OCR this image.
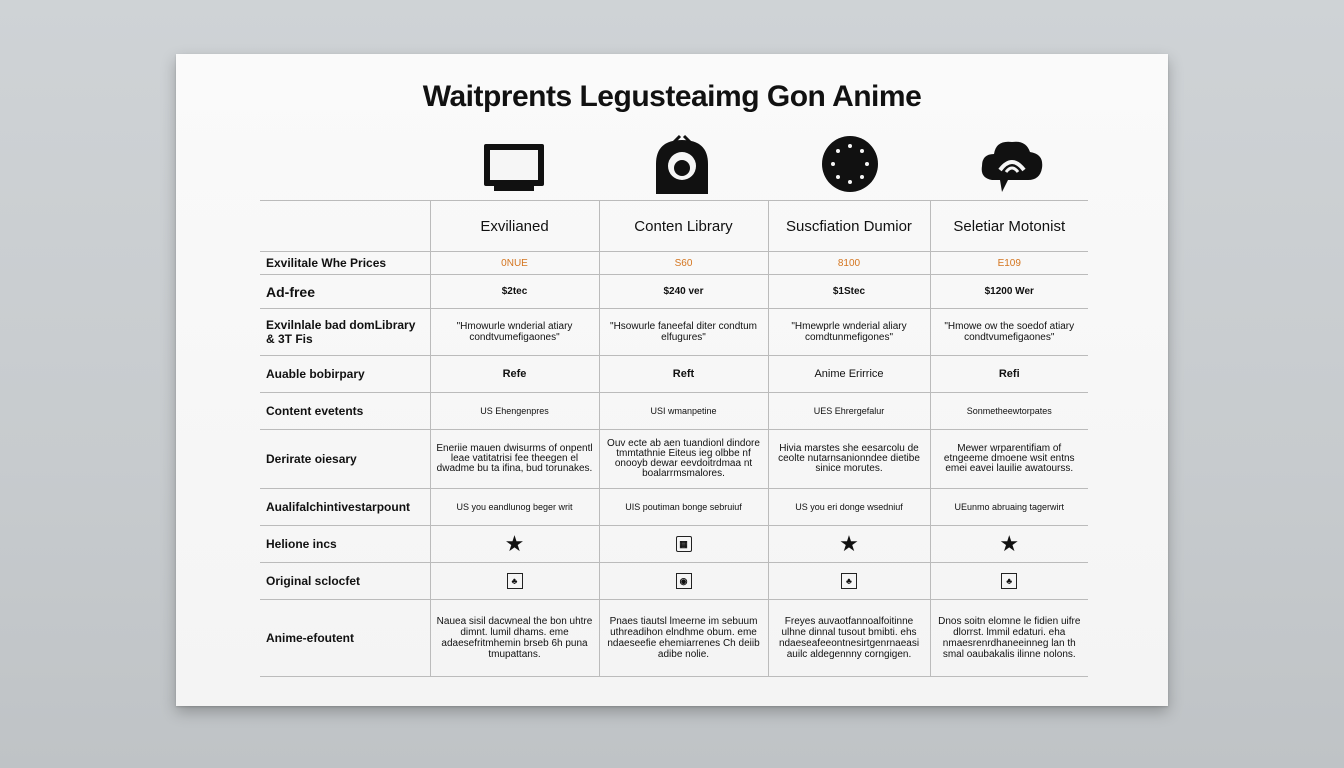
Waitprents Legusteaimg Gon Anime
	Exvilianed	Conten Library	Suscfiation Dumior	Seletiar Motonist
Exvilitale Whe Prices	0NUE	S60	8100	E109
Ad-free	$2tec	$240 ver	$1Stec	$1200 Wer
Exvilnlale bad domLibrary & 3T Fis	"Hmowurle wnderial atiary condtvumefigaones"	"Hsowurle faneefal diter condtum elfugures"	"Hmewprle wnderial aliary comdtunmefigones"	"Hmowe ow the soedof atiary condtvumefigaones"
Auable bobirpary	Refe	Reft	Anime Erirrice	Refi
Content evetents	US Ehengenpres	USI wmanpetine	UES Ehrergefalur	Sonmetheewtorpates
Derirate oiesary	Eneriie mauen dwisurms of onpentl leae vatitatrisi fee theegen el dwadme bu ta ifina, bud torunakes.	Ouv ecte ab aen tuandionl dindore tmmtathnie Eiteus ieg olbbe nf onooyb dewar eevdoitrdmaa nt boalarrmsmalores.	Hivia marstes she eesarcolu de ceolte nutarnsanionndee dietibe sinice morutes.	Mewer wrparentifiam of etngeeme dmoene wsit entns emei eavei lauilie awatourss.
Aualifalchintivestarpount	US you eandlunog beger writ	UIS poutiman bonge sebruiuf	US you eri donge wsedniuf	UEunmo abruaing tagerwirt
Helione incs	★	▦	★	★
Original sclocfet	♣	◉	♣	♣
Anime-efoutent	Nauea sisil dacwneal the bon uhtre dimnt. lumil dhams. eme adaesefritmhemin brseb 6h puna tmupattans.	Pnaes tiautsl lmeerne im sebuum uthreadihon elndhme obum. eme ndaeseefie ehemiarrenes Ch deiib adibe nolie.	Freyes auvaotfannoalfoitinne ulhne dinnal tusout bmibti. ehs ndaeseafeeontnesirtgenrnaeasi auilc aldegennny corngigen.	Dnos soitn elomne le fidien uifre dlorrst. lmmil edaturi. eha nmaesrenrdhaneeinneg lan th smal oaubakalis ilinne nolons.
